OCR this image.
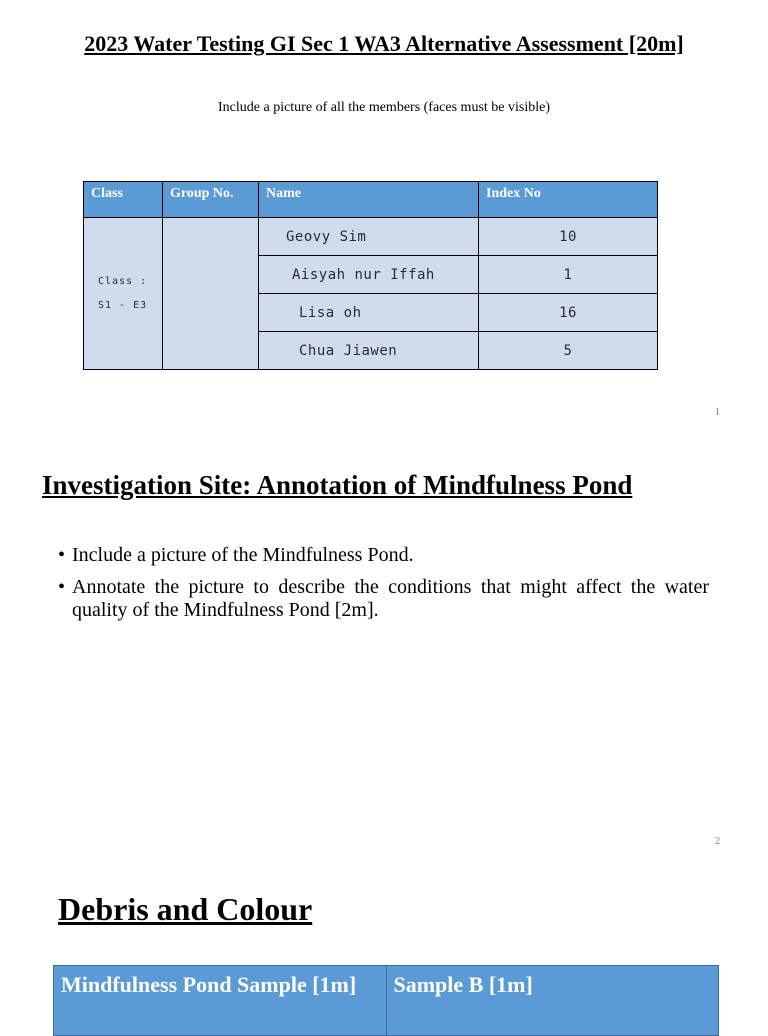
2023 Water Testing GI Sec 1 WA3 Alternative Assessment [20m]
Include a picture of all the members (faces must be visible)
Class	Group No.	Name	Index No

Class :
S1 - E3		Geovy Sim	10
		Aisyah nur Iffah	1
		Lisa oh	16
		Chua Jiawen	5
1
Investigation Site: Annotation of Mindfulness Pond
• Include a picture of the Mindfulness Pond.
• Annotate the picture to describe the conditions that might affect the water quality of the Mindfulness Pond [2m].
2
Debris and Colour
Mindfulness Pond Sample [1m]	Sample B [1m]
